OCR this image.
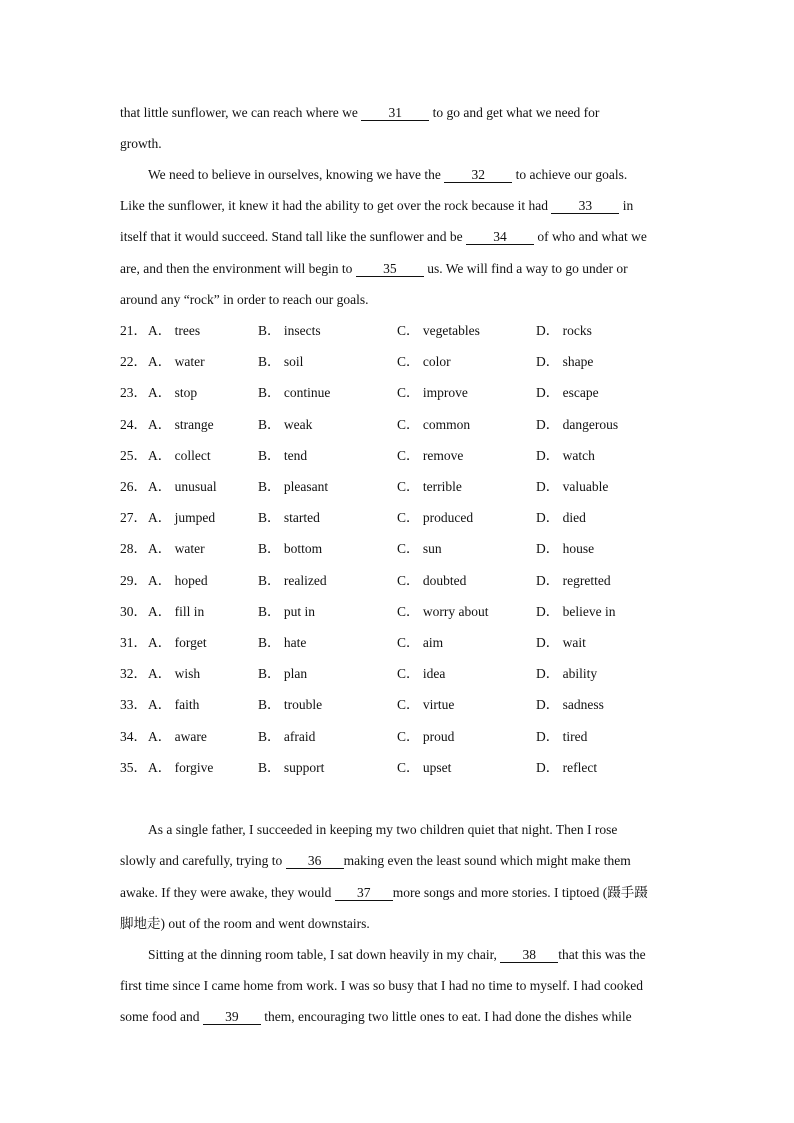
that little sunflower, we can reach where we 31 to go and get what we need for
growth.
We need to believe in ourselves, knowing we have the 32 to achieve our goals.
Like the sunflower, it knew it had the ability to get over the rock because it had 33 in
itself that it would succeed. Stand tall like the sunflower and be 34 of who and what we
are, and then the environment will begin to 35 us. We will find a way to go under or
around any “rock” in order to reach our goals.
21． A． trees	B． insects	C． vegetables	D． rocks
22． A． water	B． soil	C． color	D． shape
23． A． stop	B． continue	C． improve	D． escape
24． A． strange	B． weak	C． common	D． dangerous
25． A． collect	B． tend	C． remove	D． watch
26． A． unusual	B． pleasant	C． terrible	D． valuable
27． A． jumped	B． started	C． produced	D． died
28． A． water	B． bottom	C． sun	D． house
29． A． hoped	B． realized	C． doubted	D． regretted
30． A． fill in	B． put in	C． worry about	D． believe in
31． A． forget	B． hate	C． aim	D． wait
32． A． wish	B． plan	C． idea	D． ability
33． A． faith	B． trouble	C． virtue	D． sadness
34． A． aware	B． afraid	C． proud	D． tired
35． A． forgive	B． support	C． upset	D． reflect
As a single father, I succeeded in keeping my two children quiet that night. Then I rose
slowly and carefully, trying to 36 making even the least sound which might make them
awake. If they were awake, they would 37 more songs and more stories. I tiptoed (蹑手蹑
脚地走) out of the room and went downstairs.
Sitting at the dinning room table, I sat down heavily in my chair, 38 that this was the
first time since I came home from work. I was so busy that I had no time to myself. I had cooked
some food and 39 them, encouraging two little ones to eat. I had done the dishes while
